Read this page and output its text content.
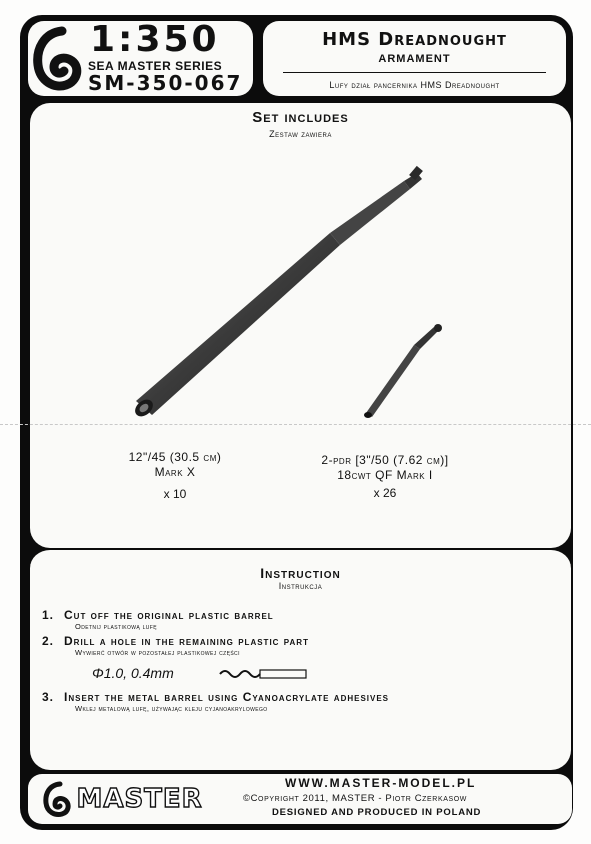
1:350
SEA MASTER SERIES
SM-350-067
HMS Dreadnought
ARMAMENT
Lufy dział pancernika HMS Dreadnought
Set includes
Zestaw zawiera
12"/45 (30.5 cm)
Mark X
x 10
2-pdr [3"/50 (7.62 cm)]
18cwt QF Mark I
x 26
Instruction
Instrukcja
1. Cut off the original plastic barrel
Odetnij plastikową lufę
2. Drill a hole in the remaining plastic part
Wywierć otwór w pozostałej plastikowej części
Φ1.0, 0.4mm
3. Insert the metal barrel using Cyanoacrylate adhesives
Wklej metalową lufę, używając kleju cyjanoakrylowego
MASTER
WWW.MASTER-MODEL.PL
©Copyright 2011, MASTER - Piotr Czerkasow
DESIGNED AND PRODUCED IN POLAND
